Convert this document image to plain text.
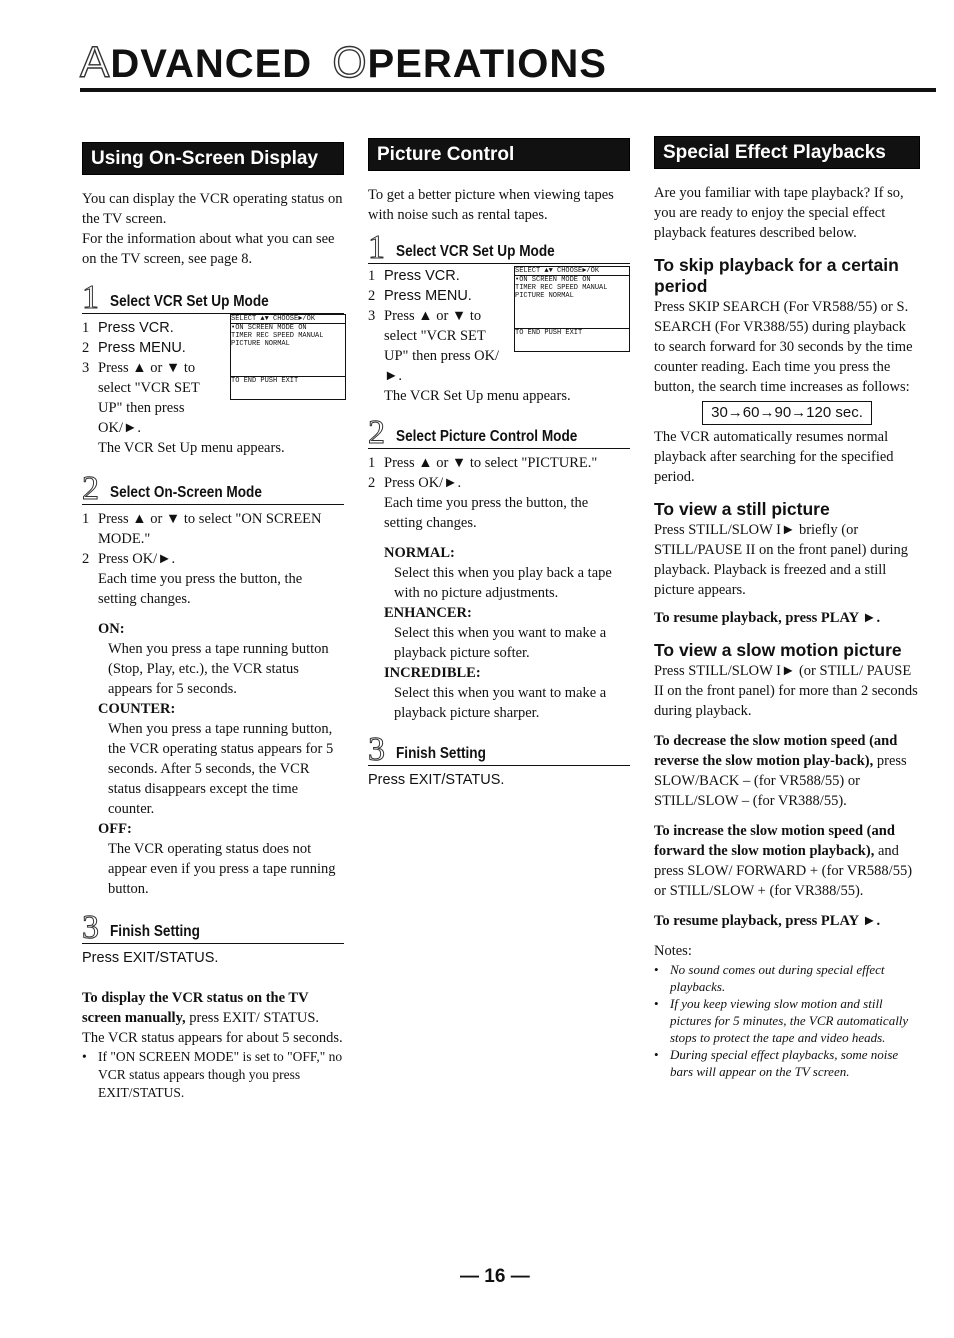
ADVANCED OPERATIONS
Using On-Screen Display

You can display the VCR operating status on the TV screen.

For the information about what you can see on the TV screen, see page 8.

1 Select VCR Set Up Mode
1 Press VCR.
2 Press MENU.
3 Press ▲ or ▼ to select "VCR SET UP" then press OK/►.

The VCR Set Up menu appears.

SELECT ▲▼ CHOOSE►/OK
•ON SCREEN MODE ON
TIMER REC SPEED MANUAL
PICTURE NORMAL
TO END PUSH EXIT
2 Select On-Screen Mode
1 Press ▲ or ▼ to select "ON SCREEN MODE."
2 Press OK/►.

Each time you press the button, the setting changes.

ON:

When you press a tape running button (Stop, Play, etc.), the VCR status appears for 5 seconds.

COUNTER:

When you press a tape running button, the VCR operating status appears for 5 seconds. After 5 seconds, the VCR status disappears except the time counter.

OFF:

The VCR operating status does not appear even if you press a tape running button.

3 Finish Setting

Press EXIT/STATUS.

To display the VCR status on the TV screen manually, press EXIT/ STATUS. The VCR status appears for about 5 seconds.

• If "ON SCREEN MODE" is set to "OFF," no VCR status appears though you press EXIT/STATUS.
Picture Control

To get a better picture when viewing tapes with noise such as rental tapes.

1 Select VCR Set Up Mode
1 Press VCR.
2 Press MENU.
3 Press ▲ or ▼ to select "VCR SET UP" then press OK/►.

The VCR Set Up menu appears.

SELECT ▲▼ CHOOSE►/OK
•ON SCREEN MODE ON
TIMER REC SPEED MANUAL
PICTURE NORMAL
TO END PUSH EXIT
2 Select Picture Control Mode
1 Press ▲ or ▼ to select "PICTURE."
2 Press OK/►.

Each time you press the button, the setting changes.

NORMAL:

Select this when you play back a tape with no picture adjustments.

ENHANCER:

Select this when you want to make a playback picture softer.

INCREDIBLE:

Select this when you want to make a playback picture sharper.

3 Finish Setting

Press EXIT/STATUS.

Special Effect Playbacks

Are you familiar with tape playback? If so, you are ready to enjoy the special effect playback features described below.

To skip playback for a certain period

Press SKIP SEARCH (For VR588/55) or S. SEARCH (For VR388/55) during playback to search forward for 30 seconds by the time counter reading. Each time you press the button, the search time increases as follows:

30→60→90→120 sec.

The VCR automatically resumes normal playback after searching for the specified period.

To view a still picture

Press STILL/SLOW I► briefly (or STILL/PAUSE II on the front panel) during playback. Playback is freezed and a still picture appears.

To resume playback, press PLAY ►.

To view a slow motion picture

Press STILL/SLOW I► (or STILL/ PAUSE II on the front panel) for more than 2 seconds during playback.

To decrease the slow motion speed (and reverse the slow motion play-back), press SLOW/BACK – (for VR588/55) or STILL/SLOW – (for VR388/55).

To increase the slow motion speed (and forward the slow motion playback), and press SLOW/ FORWARD + (for VR588/55) or STILL/SLOW + (for VR388/55).

To resume playback, press PLAY ►.

Notes:

• No sound comes out during special effect playbacks.
• If you keep viewing slow motion and still pictures for 5 minutes, the VCR automatically stops to protect the tape and video heads.
• During special effect playbacks, some noise bars will appear on the TV screen.
— 16 —
